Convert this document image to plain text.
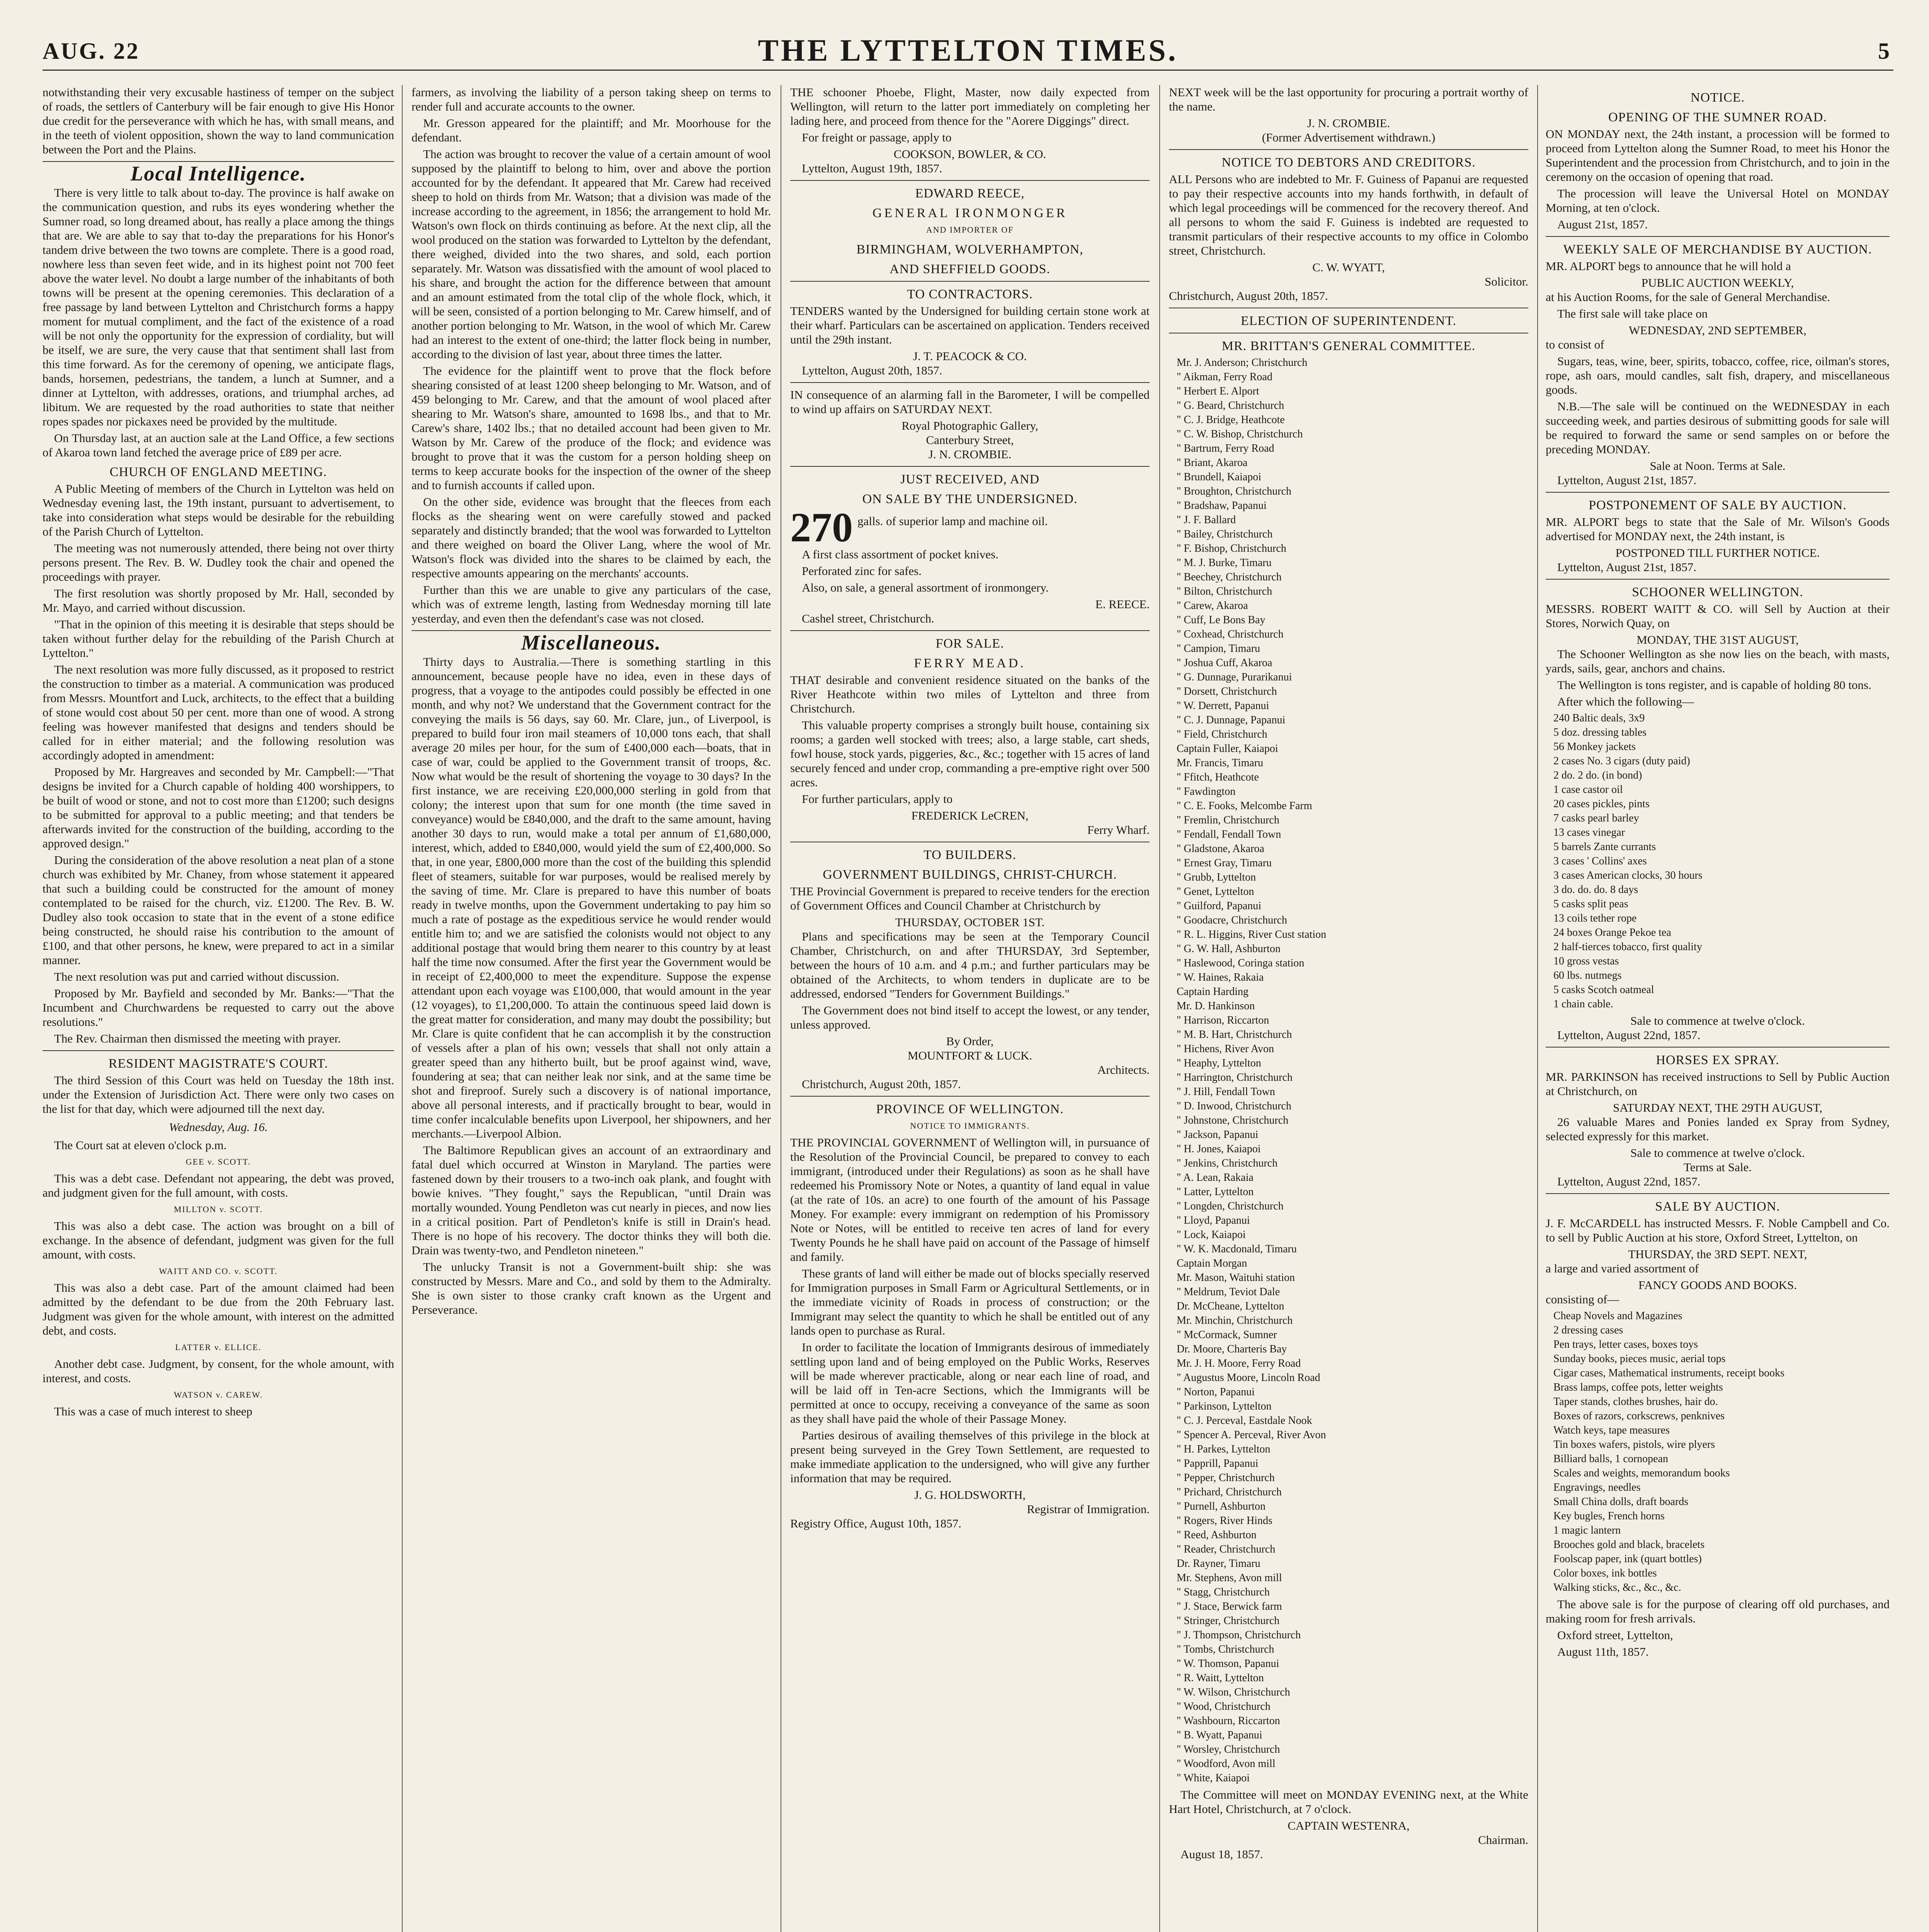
AUG. 22	THE LYTTELTON TIMES.	5

notwithstanding their very excusable hastiness of temper on the subject of roads, the settlers of Canterbury will be fair enough to give His Honor due credit for the perseverance with which he has, with small means, and in the teeth of violent opposition, shown the way to land communication between the Port and the Plains.

Local Intelligence.

There is very little to talk about to-day. The province is half awake on the communication question, and rubs its eyes wondering whether the Sumner road, so long dreamed about, has really a place among the things that are. We are able to say that to-day the preparations for his Honor's tandem drive between the two towns are complete. There is a good road, nowhere less than seven feet wide, and in its highest point not 700 feet above the water level. No doubt a large number of the inhabitants of both towns will be present at the opening ceremonies. This declaration of a free passage by land between Lyttelton and Christchurch forms a happy moment for mutual compliment, and the fact of the existence of a road will be not only the opportunity for the expression of cordiality, but will be itself, we are sure, the very cause that that sentiment shall last from this time forward. As for the ceremony of opening, we anticipate flags, bands, horsemen, pedestrians, the tandem, a lunch at Sumner, and a dinner at Lyttelton, with addresses, orations, and triumphal arches, ad libitum. We are requested by the road authorities to state that neither ropes spades nor pickaxes need be provided by the multitude.

On Thursday last, at an auction sale at the Land Office, a few sections of Akaroa town land fetched the average price of £89 per acre.

CHURCH OF ENGLAND MEETING.

A Public Meeting of members of the Church in Lyttelton was held on Wednesday evening last, the 19th instant, pursuant to advertisement, to take into consideration what steps would be desirable for the rebuilding of the Parish Church of Lyttelton.

The meeting was not numerously attended, there being not over thirty persons present. The Rev. B. W. Dudley took the chair and opened the proceedings with prayer.

The first resolution was shortly proposed by Mr. Hall, seconded by Mr. Mayo, and carried without discussion.

"That in the opinion of this meeting it is desirable that steps should be taken without further delay for the rebuilding of the Parish Church at Lyttelton."

The next resolution was more fully discussed, as it proposed to restrict the construction to timber as a material. A communication was produced from Messrs. Mountfort and Luck, architects, to the effect that a building of stone would cost about 50 per cent. more than one of wood. A strong feeling was however manifested that designs and tenders should be called for in either material; and the following resolution was accordingly adopted in amendment:

Proposed by Mr. Hargreaves and seconded by Mr. Campbell:—"That designs be invited for a Church capable of holding 400 worshippers, to be built of wood or stone, and not to cost more than £1200; such designs to be submitted for approval to a public meeting; and that tenders be afterwards invited for the construction of the building, according to the approved design."

During the consideration of the above resolution a neat plan of a stone church was exhibited by Mr. Chaney, from whose statement it appeared that such a building could be constructed for the amount of money contemplated to be raised for the church, viz. £1200. The Rev. B. W. Dudley also took occasion to state that in the event of a stone edifice being constructed, he should raise his contribution to the amount of £100, and that other persons, he knew, were prepared to act in a similar manner.

The next resolution was put and carried without discussion.

Proposed by Mr. Bayfield and seconded by Mr. Banks:—"That the Incumbent and Churchwardens be requested to carry out the above resolutions."

The Rev. Chairman then dismissed the meeting with prayer.

RESIDENT MAGISTRATE'S COURT.

The third Session of this Court was held on Tuesday the 18th inst. under the Extension of Jurisdiction Act. There were only two cases on the list for that day, which were adjourned till the next day.

Wednesday, Aug. 16.

The Court sat at eleven o'clock p.m.

GEE v. SCOTT.

This was a debt case. Defendant not appearing, the debt was proved, and judgment given for the full amount, with costs.

MILLTON v. SCOTT.

This was also a debt case. The action was brought on a bill of exchange. In the absence of defendant, judgment was given for the full amount, with costs.

WAITT AND CO. v. SCOTT.

This was also a debt case. Part of the amount claimed had been admitted by the defendant to be due from the 20th February last. Judgment was given for the whole amount, with interest on the admitted debt, and costs.

LATTER v. ELLICE.

Another debt case. Judgment, by consent, for the whole amount, with interest, and costs.

WATSON v. CAREW.

This was a case of much interest to sheep

farmers, as involving the liability of a person taking sheep on terms to render full and accurate accounts to the owner.

Mr. Gresson appeared for the plaintiff; and Mr. Moorhouse for the defendant.

The action was brought to recover the value of a certain amount of wool supposed by the plaintiff to belong to him, over and above the portion accounted for by the defendant. It appeared that Mr. Carew had received sheep to hold on thirds from Mr. Watson; that a division was made of the increase according to the agreement, in 1856; the arrangement to hold Mr. Watson's own flock on thirds continuing as before. At the next clip, all the wool produced on the station was forwarded to Lyttelton by the defendant, there weighed, divided into the two shares, and sold, each portion separately. Mr. Watson was dissatisfied with the amount of wool placed to his share, and brought the action for the difference between that amount and an amount estimated from the total clip of the whole flock, which, it will be seen, consisted of a portion belonging to Mr. Carew himself, and of another portion belonging to Mr. Watson, in the wool of which Mr. Carew had an interest to the extent of one-third; the latter flock being in number, according to the division of last year, about three times the latter.

The evidence for the plaintiff went to prove that the flock before shearing consisted of at least 1200 sheep belonging to Mr. Watson, and of 459 belonging to Mr. Carew, and that the amount of wool placed after shearing to Mr. Watson's share, amounted to 1698 lbs., and that to Mr. Carew's share, 1402 lbs.; that no detailed account had been given to Mr. Watson by Mr. Carew of the produce of the flock; and evidence was brought to prove that it was the custom for a person holding sheep on terms to keep accurate books for the inspection of the owner of the sheep and to furnish accounts if called upon.

On the other side, evidence was brought that the fleeces from each flocks as the shearing went on were carefully stowed and packed separately and distinctly branded; that the wool was forwarded to Lyttelton and there weighed on board the Oliver Lang, where the wool of Mr. Watson's flock was divided into the shares to be claimed by each, the respective amounts appearing on the merchants' accounts.

Further than this we are unable to give any particulars of the case, which was of extreme length, lasting from Wednesday morning till late yesterday, and even then the defendant's case was not closed.

Miscellaneous.

Thirty days to Australia.—There is something startling in this announcement, because people have no idea, even in these days of progress, that a voyage to the antipodes could possibly be effected in one month, and why not? We understand that the Government contract for the conveying the mails is 56 days, say 60. Mr. Clare, jun., of Liverpool, is prepared to build four iron mail steamers of 10,000 tons each, that shall average 20 miles per hour, for the sum of £400,000 each—boats, that in case of war, could be applied to the Government transit of troops, &c. Now what would be the result of shortening the voyage to 30 days? In the first instance, we are receiving £20,000,000 sterling in gold from that colony; the interest upon that sum for one month (the time saved in conveyance) would be £840,000, and the draft to the same amount, having another 30 days to run, would make a total per annum of £1,680,000, interest, which, added to £840,000, would yield the sum of £2,400,000. So that, in one year, £800,000 more than the cost of the building this splendid fleet of steamers, suitable for war purposes, would be realised merely by the saving of time. Mr. Clare is prepared to have this number of boats ready in twelve months, upon the Government undertaking to pay him so much a rate of postage as the expeditious service he would render would entitle him to; and we are satisfied the colonists would not object to any additional postage that would bring them nearer to this country by at least half the time now consumed. After the first year the Government would be in receipt of £2,400,000 to meet the expenditure. Suppose the expense attendant upon each voyage was £100,000, that would amount in the year (12 voyages), to £1,200,000. To attain the continuous speed laid down is the great matter for consideration, and many may doubt the possibility; but Mr. Clare is quite confident that he can accomplish it by the construction of vessels after a plan of his own; vessels that shall not only attain a greater speed than any hitherto built, but be proof against wind, wave, foundering at sea; that can neither leak nor sink, and at the same time be shot and fireproof. Surely such a discovery is of national importance, above all personal interests, and if practically brought to bear, would in time confer incalculable benefits upon Liverpool, her shipowners, and her merchants.—Liverpool Albion.

The Baltimore Republican gives an account of an extraordinary and fatal duel which occurred at Winston in Maryland. The parties were fastened down by their trousers to a two-inch oak plank, and fought with bowie knives. "They fought," says the Republican, "until Drain was mortally wounded. Young Pendleton was cut nearly in pieces, and now lies in a critical position. Part of Pendleton's knife is still in Drain's head. There is no hope of his recovery. The doctor thinks they will both die. Drain was twenty-two, and Pendleton nineteen."

The unlucky Transit is not a Government-built ship: she was constructed by Messrs. Mare and Co., and sold by them to the Admiralty. She is own sister to those cranky craft known as the Urgent and Perseverance.

THE schooner Phoebe, Flight, Master, now daily expected from Wellington, will return to the latter port immediately on completing her lading here, and proceed from thence for the "Aorere Diggings" direct.

For freight or passage, apply to

COOKSON, BOWLER, & CO.

Lyttelton, August 19th, 1857.

EDWARD REECE,
GENERAL IRONMONGER
AND IMPORTER OF
BIRMINGHAM, WOLVERHAMPTON,
AND SHEFFIELD GOODS.
TO CONTRACTORS.

TENDERS wanted by the Undersigned for building certain stone work at their wharf. Particulars can be ascertained on application. Tenders received until the 29th instant.

J. T. PEACOCK & CO.

Lyttelton, August 20th, 1857.

IN consequence of an alarming fall in the Barometer, I will be compelled to wind up affairs on SATURDAY NEXT.

Royal Photographic Gallery,
Canterbury Street,
J. N. CROMBIE.
JUST RECEIVED, AND
ON SALE BY THE UNDERSIGNED.
270 galls. of superior lamp and machine oil.

A first class assortment of pocket knives.

Perforated zinc for safes.

Also, on sale, a general assortment of ironmongery.

E. REECE.

Cashel street, Christchurch.

FOR SALE.
FERRY MEAD.

THAT desirable and convenient residence situated on the banks of the River Heathcote within two miles of Lyttelton and three from Christchurch.

This valuable property comprises a strongly built house, containing six rooms; a garden well stocked with trees; also, a large stable, cart sheds, fowl house, stock yards, piggeries, &c., &c.; together with 15 acres of land securely fenced and under crop, commanding a pre-emptive right over 500 acres.

For further particulars, apply to

FREDERICK LeCREN,
Ferry Wharf.
TO BUILDERS.
GOVERNMENT BUILDINGS, CHRIST-CHURCH.

THE Provincial Government is prepared to receive tenders for the erection of Government Offices and Council Chamber at Christchurch by

THURSDAY, OCTOBER 1ST.

Plans and specifications may be seen at the Temporary Council Chamber, Christchurch, on and after THURSDAY, 3rd September, between the hours of 10 a.m. and 4 p.m.; and further particulars may be obtained of the Architects, to whom tenders in duplicate are to be addressed, endorsed "Tenders for Government Buildings."

The Government does not bind itself to accept the lowest, or any tender, unless approved.

By Order,
MOUNTFORT & LUCK.
Architects.

Christchurch, August 20th, 1857.

PROVINCE OF WELLINGTON.
NOTICE TO IMMIGRANTS.

THE PROVINCIAL GOVERNMENT of Wellington will, in pursuance of the Resolution of the Provincial Council, be prepared to convey to each immigrant, (introduced under their Regulations) as soon as he shall have redeemed his Promissory Note or Notes, a quantity of land equal in value (at the rate of 10s. an acre) to one fourth of the amount of his Passage Money. For example: every immigrant on redemption of his Promissory Note or Notes, will be entitled to receive ten acres of land for every Twenty Pounds he he shall have paid on account of the Passage of himself and family.

These grants of land will either be made out of blocks specially reserved for Immigration purposes in Small Farm or Agricultural Settlements, or in the immediate vicinity of Roads in process of construction; or the Immigrant may select the quantity to which he shall be entitled out of any lands open to purchase as Rural.

In order to facilitate the location of Immigrants desirous of immediately settling upon land and of being employed on the Public Works, Reserves will be made wherever practicable, along or near each line of road, and will be laid off in Ten-acre Sections, which the Immigrants will be permitted at once to occupy, receiving a conveyance of the same as soon as they shall have paid the whole of their Passage Money.

Parties desirous of availing themselves of this privilege in the block at present being surveyed in the Grey Town Settlement, are requested to make immediate application to the undersigned, who will give any further information that may be required.

J. G. HOLDSWORTH,
Registrar of Immigration.

Registry Office, August 10th, 1857.

NEXT week will be the last opportunity for procuring a portrait worthy of the name.

J. N. CROMBIE.
(Former Advertisement withdrawn.)
NOTICE TO DEBTORS AND CREDITORS.

ALL Persons who are indebted to Mr. F. Guiness of Papanui are requested to pay their respective accounts into my hands forthwith, in default of which legal proceedings will be commenced for the recovery thereof. And all persons to whom the said F. Guiness is indebted are requested to transmit particulars of their respective accounts to my office in Colombo street, Christchurch.

C. W. WYATT,
Solicitor.

Christchurch, August 20th, 1857.

ELECTION OF SUPERINTENDENT.
MR. BRITTAN'S GENERAL COMMITTEE.
Mr. J. Anderson; Christchurch
" Aikman, Ferry Road
" Herbert E. Alport
" G. Beard, Christchurch
" C. J. Bridge, Heathcote
" C. W. Bishop, Christchurch
" Bartrum, Ferry Road
" Briant, Akaroa
" Brundell, Kaiapoi
" Broughton, Christchurch
" Bradshaw, Papanui
" J. F. Ballard
" Bailey, Christchurch
" F. Bishop, Christchurch
" M. J. Burke, Timaru
" Beechey, Christchurch
" Bilton, Christchurch
" Carew, Akaroa
" Cuff, Le Bons Bay
" Coxhead, Christchurch
" Campion, Timaru
" Joshua Cuff, Akaroa
" G. Dunnage, Purarikanui
" Dorsett, Christchurch
" W. Derrett, Papanui
" C. J. Dunnage, Papanui
" Field, Christchurch
Captain Fuller, Kaiapoi
Mr. Francis, Timaru
" Ffitch, Heathcote
" Fawdington
" C. E. Fooks, Melcombe Farm
" Fremlin, Christchurch
" Fendall, Fendall Town
" Gladstone, Akaroa
" Ernest Gray, Timaru
" Grubb, Lyttelton
" Genet, Lyttelton
" Guilford, Papanui
" Goodacre, Christchurch
" R. L. Higgins, River Cust station
" G. W. Hall, Ashburton
" Haslewood, Coringa station
" W. Haines, Rakaia
Captain Harding
Mr. D. Hankinson
" Harrison, Riccarton
" M. B. Hart, Christchurch
" Hichens, River Avon
" Heaphy, Lyttelton
" Harrington, Christchurch
" J. Hill, Fendall Town
" D. Inwood, Christchurch
" Johnstone, Christchurch
" Jackson, Papanui
" H. Jones, Kaiapoi
" Jenkins, Christchurch
" A. Lean, Rakaia
" Latter, Lyttelton
" Longden, Christchurch
" Lloyd, Papanui
" Lock, Kaiapoi
" W. K. Macdonald, Timaru
Captain Morgan
Mr. Mason, Waituhi station
" Meldrum, Teviot Dale
Dr. McCheane, Lyttelton
Mr. Minchin, Christchurch
" McCormack, Sumner
Dr. Moore, Charteris Bay
Mr. J. H. Moore, Ferry Road
" Augustus Moore, Lincoln Road
" Norton, Papanui
" Parkinson, Lyttelton
" C. J. Perceval, Eastdale Nook
" Spencer A. Perceval, River Avon
" H. Parkes, Lyttelton
" Papprill, Papanui
" Pepper, Christchurch
" Prichard, Christchurch
" Purnell, Ashburton
" Rogers, River Hinds
" Reed, Ashburton
" Reader, Christchurch
Dr. Rayner, Timaru
Mr. Stephens, Avon mill
" Stagg, Christchurch
" J. Stace, Berwick farm
" Stringer, Christchurch
" J. Thompson, Christchurch
" Tombs, Christchurch
" W. Thomson, Papanui
" R. Waitt, Lyttelton
" W. Wilson, Christchurch
" Wood, Christchurch
" Washbourn, Riccarton
" B. Wyatt, Papanui
" Worsley, Christchurch
" Woodford, Avon mill
" White, Kaiapoi

The Committee will meet on MONDAY EVENING next, at the White Hart Hotel, Christchurch, at 7 o'clock.

CAPTAIN WESTENRA,
Chairman.

August 18, 1857.

NOTICE.
OPENING OF THE SUMNER ROAD.

ON MONDAY next, the 24th instant, a procession will be formed to proceed from Lyttelton along the Sumner Road, to meet his Honor the Superintendent and the procession from Christchurch, and to join in the ceremony on the occasion of opening that road.

The procession will leave the Universal Hotel on MONDAY Morning, at ten o'clock.

August 21st, 1857.

WEEKLY SALE OF MERCHANDISE BY AUCTION.

MR. ALPORT begs to announce that he will hold a

PUBLIC AUCTION WEEKLY,

at his Auction Rooms, for the sale of General Merchandise.

The first sale will take place on

WEDNESDAY, 2ND SEPTEMBER,

to consist of

Sugars, teas, wine, beer, spirits, tobacco, coffee, rice, oilman's stores, rope, ash oars, mould candles, salt fish, drapery, and miscellaneous goods.

N.B.—The sale will be continued on the WEDNESDAY in each succeeding week, and parties desirous of submitting goods for sale will be required to forward the same or send samples on or before the preceding MONDAY.

Sale at Noon. Terms at Sale.

Lyttelton, August 21st, 1857.

POSTPONEMENT OF SALE BY AUCTION.

MR. ALPORT begs to state that the Sale of Mr. Wilson's Goods advertised for MONDAY next, the 24th instant, is

POSTPONED TILL FURTHER NOTICE.

Lyttelton, August 21st, 1857.

SCHOONER WELLINGTON.

MESSRS. ROBERT WAITT & CO. will Sell by Auction at their Stores, Norwich Quay, on

MONDAY, THE 31ST AUGUST,

The Schooner Wellington as she now lies on the beach, with masts, yards, sails, gear, anchors and chains.

The Wellington is tons register, and is capable of holding 80 tons.

After which the following—

240 Baltic deals, 3x9
5 doz. dressing tables
56 Monkey jackets
2 cases No. 3 cigars (duty paid)
2 do. 2 do. (in bond)
1 case castor oil
20 cases pickles, pints
7 casks pearl barley
13 cases vinegar
5 barrels Zante currants
3 cases ' Collins' axes
3 cases American clocks, 30 hours
3 do. do. do. 8 days
5 casks split peas
13 coils tether rope
24 boxes Orange Pekoe tea
2 half-tierces tobacco, first quality
10 gross vestas
60 lbs. nutmegs
5 casks Scotch oatmeal
1 chain cable.
Sale to commence at twelve o'clock.

Lyttelton, August 22nd, 1857.

HORSES EX SPRAY.

MR. PARKINSON has received instructions to Sell by Public Auction at Christchurch, on

SATURDAY NEXT, THE 29TH AUGUST,

26 valuable Mares and Ponies landed ex Spray from Sydney, selected expressly for this market.

Sale to commence at twelve o'clock.
Terms at Sale.

Lyttelton, August 22nd, 1857.

SALE BY AUCTION.

J. F. McCARDELL has instructed Messrs. F. Noble Campbell and Co. to sell by Public Auction at his store, Oxford Street, Lyttelton, on

THURSDAY, the 3RD SEPT. NEXT,

a large and varied assortment of

FANCY GOODS AND BOOKS.

consisting of—

Cheap Novels and Magazines
2 dressing cases
Pen trays, letter cases, boxes toys
Sunday books, pieces music, aerial tops
Cigar cases, Mathematical instruments, receipt books
Brass lamps, coffee pots, letter weights
Taper stands, clothes brushes, hair do.
Boxes of razors, corkscrews, penknives
Watch keys, tape measures
Tin boxes wafers, pistols, wire plyers
Billiard balls, 1 cornopean
Scales and weights, memorandum books
Engravings, needles
Small China dolls, draft boards
Key bugles, French horns
1 magic lantern
Brooches gold and black, bracelets
Foolscap paper, ink (quart bottles)
Color boxes, ink bottles
Walking sticks, &c., &c., &c.

The above sale is for the purpose of clearing off old purchases, and making room for fresh arrivals.

Oxford street, Lyttelton,

August 11th, 1857.
